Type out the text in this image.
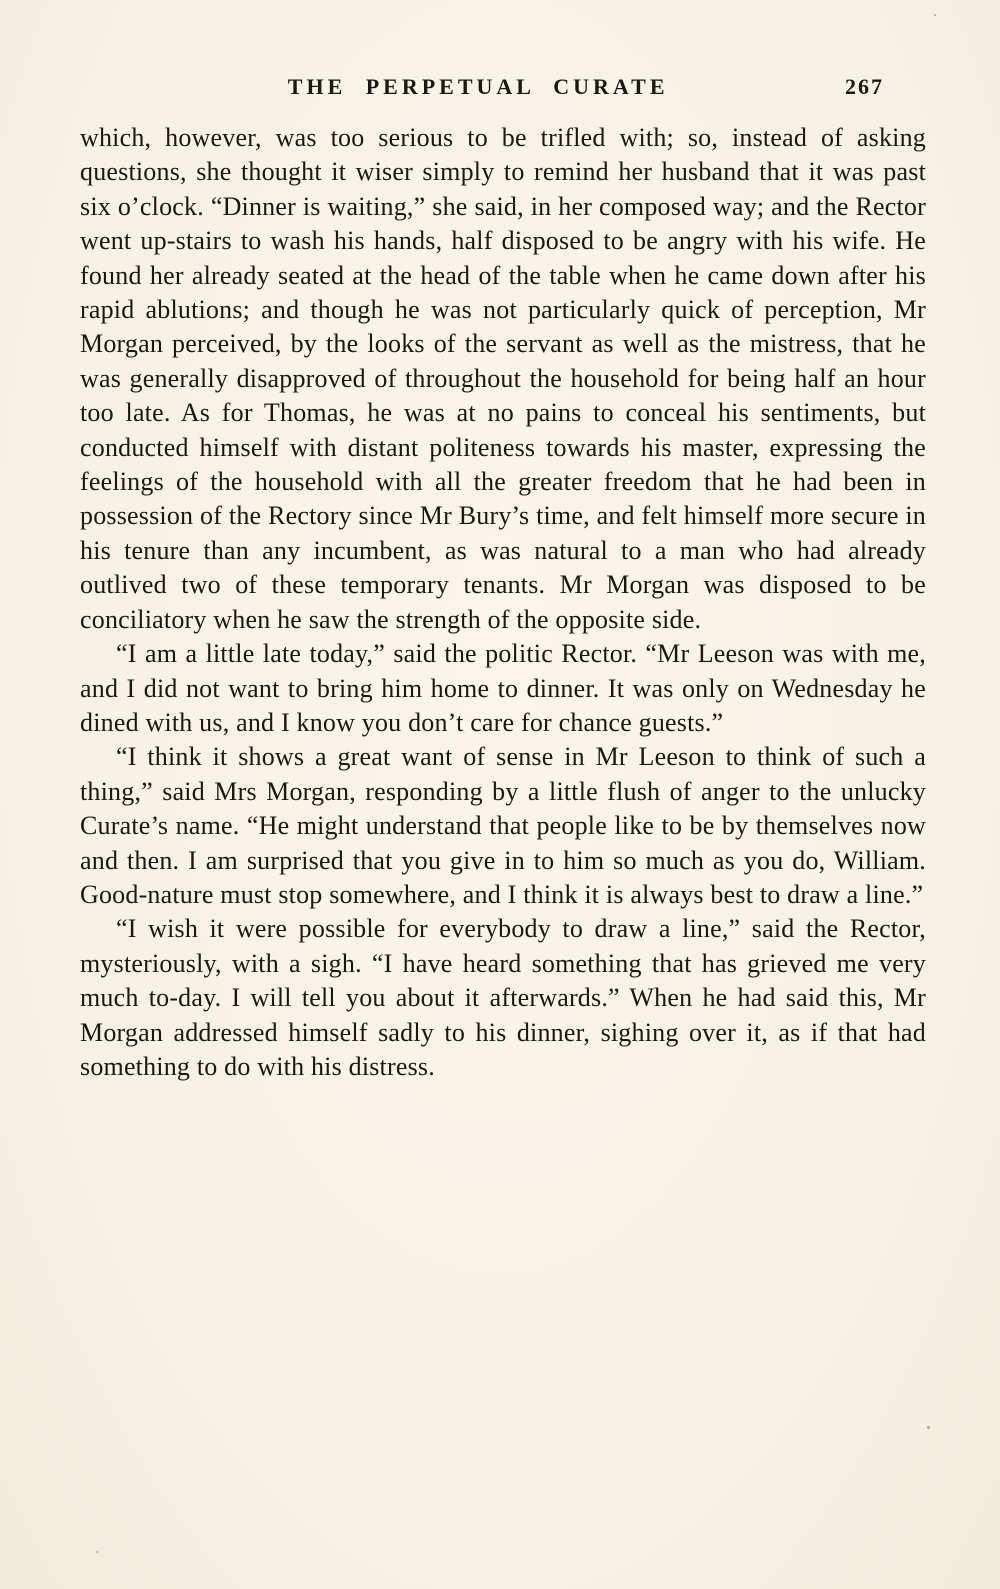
THE PERPETUAL CURATE	267

which, however, was too serious to be trifled with; so, instead of asking questions, she thought it wiser simply to remind her husband that it was past six o’clock. “Dinner is waiting,” she said, in her composed way; and the Rector went up-stairs to wash his hands, half disposed to be angry with his wife. He found her already seated at the head of the table when he came down after his rapid ablutions; and though he was not particularly quick of perception, Mr Morgan perceived, by the looks of the servant as well as the mistress, that he was generally disapproved of throughout the household for being half an hour too late. As for Thomas, he was at no pains to conceal his sentiments, but conducted himself with distant politeness towards his master, expressing the feelings of the household with all the greater freedom that he had been in possession of the Rectory since Mr Bury’s time, and felt himself more secure in his tenure than any incumbent, as was natural to a man who had already outlived two of these temporary tenants. Mr Morgan was disposed to be conciliatory when he saw the strength of the opposite side.

“I am a little late today,” said the politic Rector. “Mr Leeson was with me, and I did not want to bring him home to dinner. It was only on Wednesday he dined with us, and I know you don’t care for chance guests.”

“I think it shows a great want of sense in Mr Leeson to think of such a thing,” said Mrs Morgan, responding by a little flush of anger to the unlucky Curate’s name. “He might understand that people like to be by themselves now and then. I am surprised that you give in to him so much as you do, William. Good-nature must stop somewhere, and I think it is always best to draw a line.”

“I wish it were possible for everybody to draw a line,” said the Rector, mysteriously, with a sigh. “I have heard something that has grieved me very much to-day. I will tell you about it afterwards.” When he had said this, Mr Morgan addressed himself sadly to his dinner, sighing over it, as if that had something to do with his distress.
